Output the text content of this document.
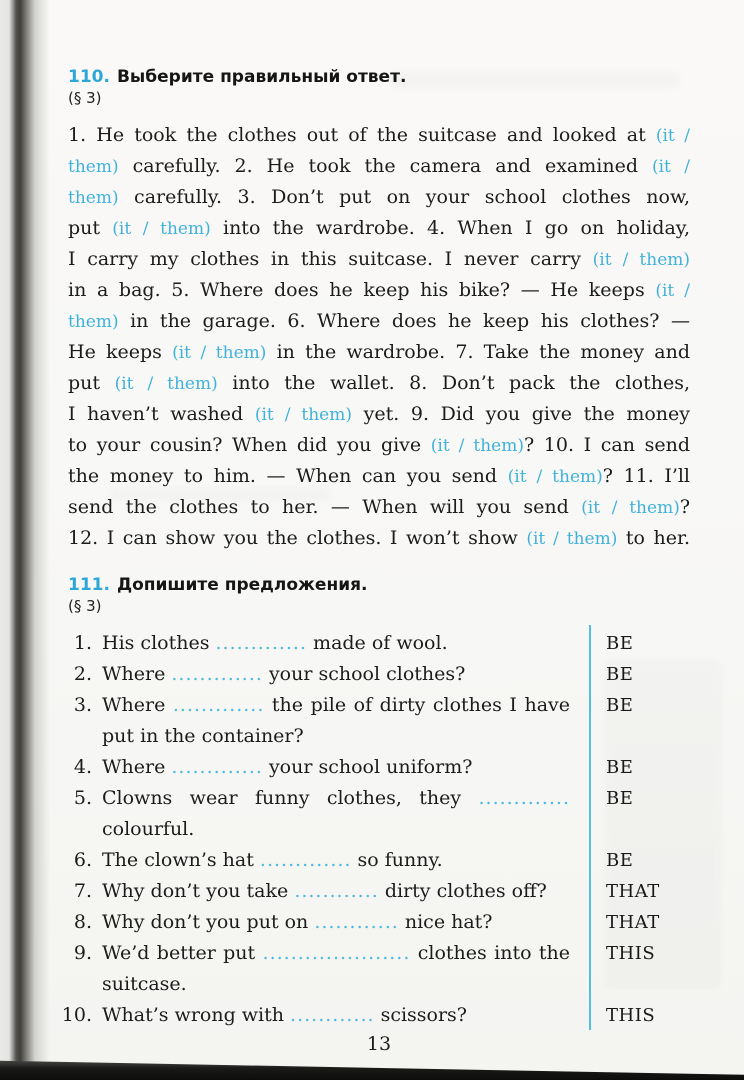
110. Выберите правильный ответ.
(§ 3)
1. He took the clothes out of the suitcase and looked at (it /
them) carefully. 2. He took the camera and examined (it /
them) carefully. 3. Don’t put on your school clothes now,
put (it / them) into the wardrobe. 4. When I go on holiday,
I carry my clothes in this suitcase. I never carry (it / them)
in a bag. 5. Where does he keep his bike? — He keeps (it /
them) in the garage. 6. Where does he keep his clothes? —
He keeps (it / them) in the wardrobe. 7. Take the money and
put (it / them) into the wallet. 8. Don’t pack the clothes,
I haven’t washed (it / them) yet. 9. Did you give the money
to your cousin? When did you give (it / them)? 10. I can send
the money to him. — When can you send (it / them)? 11. I’ll
send the clothes to her. — When will you send (it / them)?
12. I can show you the clothes. I won’t show (it / them) to her.
111. Допишите предложения.
(§ 3)
1. His clothes ............. made of wool.	BE
2. Where ............. your school clothes?	BE
3. Where ............. the pile of dirty clothes I have
put in the container?
BE
4. Where ............. your school uniform?	BE
5. Clowns wear funny clothes, they .............
colourful.
BE
6. The clown’s hat ............. so funny.	BE
7. Why don’t you take ............ dirty clothes off?	THAT
8. Why don’t you put on ............ nice hat?	THAT
9. We’d better put ..................... clothes into the
suitcase.
THIS
10. What’s wrong with ............ scissors?	THIS
13
